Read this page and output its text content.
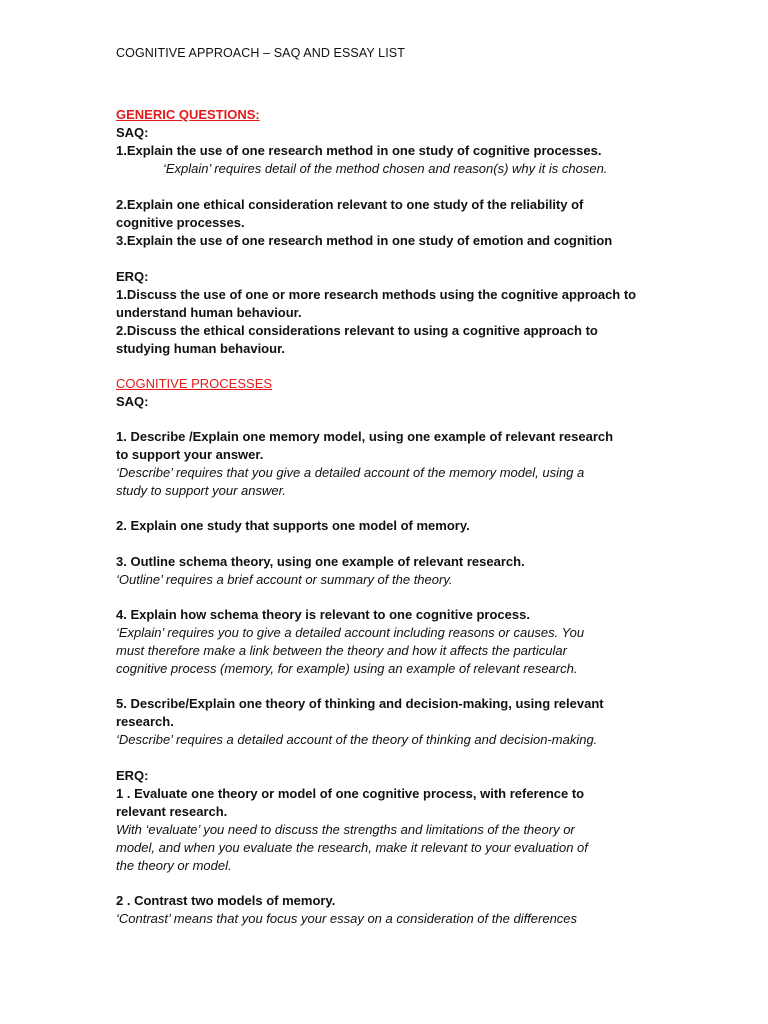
COGNITIVE APPROACH – SAQ AND ESSAY LIST
GENERIC QUESTIONS:
SAQ:
1.Explain the use of one research method in one study of cognitive processes.
‘Explain’ requires detail of the method chosen and reason(s) why it is chosen.
2.Explain one ethical consideration relevant to one study of the reliability of
cognitive processes.
3.Explain the use of one research method in one study of emotion and cognition
ERQ:
1.Discuss the use of one or more research methods using the cognitive approach to
understand human behaviour.
2.Discuss the ethical considerations relevant to using a cognitive approach to
studying human behaviour.
COGNITIVE PROCESSES
SAQ:
1. Describe /Explain one memory model, using one example of relevant research
to support your answer.
‘Describe’ requires that you give a detailed account of the memory model, using a
study to support your answer.
2. Explain one study that supports one model of memory.
3. Outline schema theory, using one example of relevant research.
‘Outline’ requires a brief account or summary of the theory.
4. Explain how schema theory is relevant to one cognitive process.
‘Explain’ requires you to give a detailed account including reasons or causes. You
must therefore make a link between the theory and how it affects the particular
cognitive process (memory, for example) using an example of relevant research.
5. Describe/Explain one theory of thinking and decision-making, using relevant
research.
‘Describe’ requires a detailed account of the theory of thinking and decision-making.
ERQ:
1 . Evaluate one theory or model of one cognitive process, with reference to
relevant research.
With ‘evaluate’ you need to discuss the strengths and limitations of the theory or
model, and when you evaluate the research, make it relevant to your evaluation of
the theory or model.
2 . Contrast two models of memory.
‘Contrast’ means that you focus your essay on a consideration of the differences
